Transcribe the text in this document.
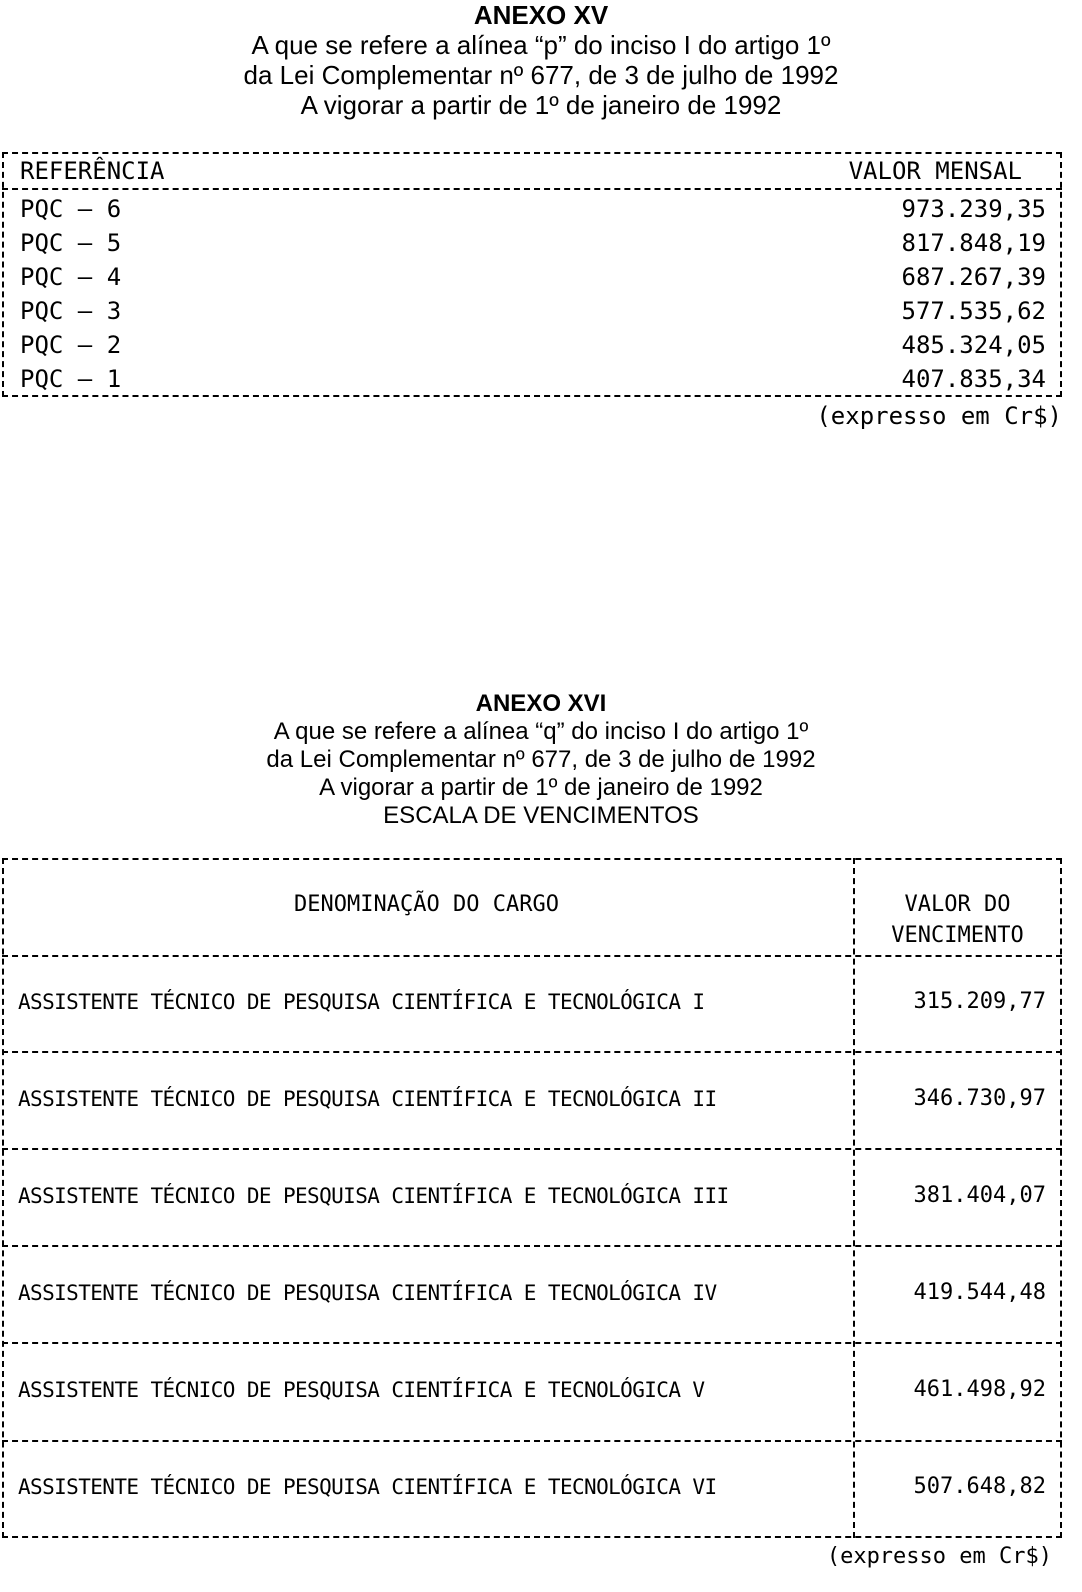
ANEXO XV
A que se refere a alínea “p” do inciso I do artigo 1º
da Lei Complementar nº 677, de 3 de julho de 1992
A vigorar a partir de 1º de janeiro de 1992
REFERÊNCIA	VALOR MENSAL
PQC – 6	973.239,35
PQC – 5	817.848,19
PQC – 4	687.267,39
PQC – 3	577.535,62
PQC – 2	485.324,05
PQC – 1	407.835,34
(expresso em Cr$)
ANEXO XVI
A que se refere a alínea “q” do inciso I do artigo 1º
da Lei Complementar nº 677, de 3 de julho de 1992
A vigorar a partir de 1º de janeiro de 1992
ESCALA DE VENCIMENTOS
DENOMINAÇÃO DO CARGO	VALOR DO
VENCIMENTO
ASSISTENTE TÉCNICO DE PESQUISA CIENTÍFICA E TECNOLÓGICA I	315.209,77
ASSISTENTE TÉCNICO DE PESQUISA CIENTÍFICA E TECNOLÓGICA II	346.730,97
ASSISTENTE TÉCNICO DE PESQUISA CIENTÍFICA E TECNOLÓGICA III	381.404,07
ASSISTENTE TÉCNICO DE PESQUISA CIENTÍFICA E TECNOLÓGICA IV	419.544,48
ASSISTENTE TÉCNICO DE PESQUISA CIENTÍFICA E TECNOLÓGICA V	461.498,92
ASSISTENTE TÉCNICO DE PESQUISA CIENTÍFICA E TECNOLÓGICA VI	507.648,82
(expresso em Cr$)
